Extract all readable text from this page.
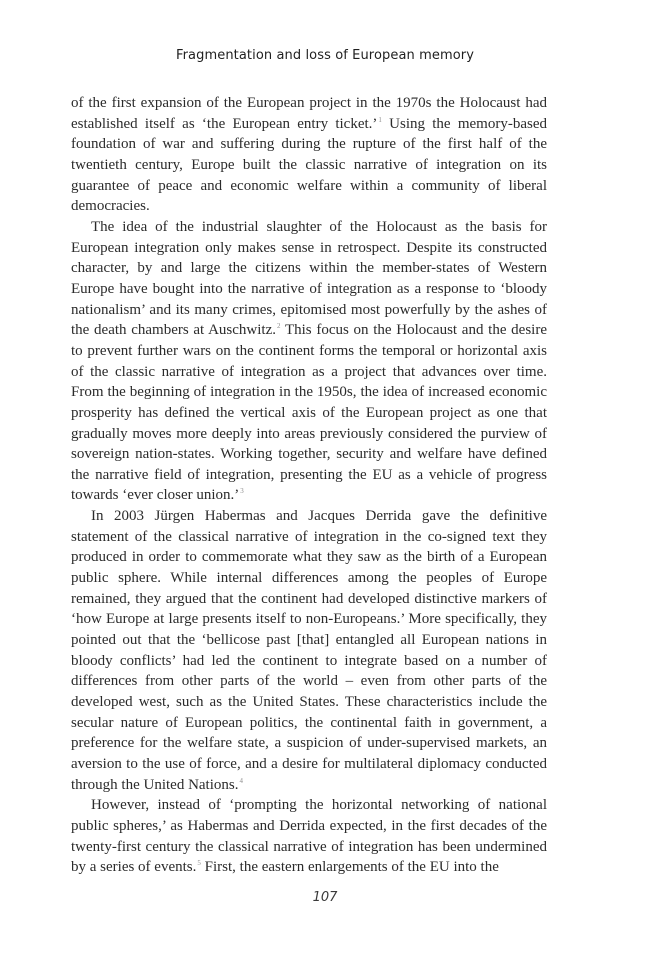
Fragmentation and loss of European memory

of the first expansion of the European project in the 1970s the Holocaust had established itself as ‘the European entry ticket.’$^1$ Using the memory-based foundation of war and suffering during the rupture of the first half of the twentieth century, Europe built the classic narrative of integration on its guarantee of peace and economic welfare within a community of liberal democracies.

The idea of the industrial slaughter of the Holocaust as the basis for European integration only makes sense in retrospect. Despite its constructed character, by and large the citizens within the member-states of Western Europe have bought into the narrative of integration as a response to ‘bloody nationalism’ and its many crimes, epitomised most powerfully by the ashes of the death chambers at Auschwitz.$^2$ This focus on the Holocaust and the desire to prevent further wars on the continent forms the temporal or horizontal axis of the classic narrative of integration as a project that advances over time. From the beginning of integration in the 1950s, the idea of increased economic prosperity has defined the vertical axis of the European project as one that gradually moves more deeply into areas previously considered the purview of sovereign nation-states. Working together, security and welfare have defined the narrative field of integration, presenting the EU as a vehicle of progress towards ‘ever closer union.’$^3$

In 2003 Jürgen Habermas and Jacques Derrida gave the definitive statement of the classical narrative of integration in the co-signed text they produced in order to commemorate what they saw as the birth of a European public sphere. While internal differences among the peoples of Europe remained, they argued that the continent had developed distinctive markers of ‘how Europe at large presents itself to non-Europeans.’ More specifically, they pointed out that the ‘bellicose past [that] entangled all European nations in bloody conflicts’ had led the continent to integrate based on a number of differences from other parts of the world – even from other parts of the developed west, such as the United States. These characteristics include the secular nature of European politics, the continental faith in government, a preference for the welfare state, a suspicion of under-supervised markets, an aversion to the use of force, and a desire for multilateral diplomacy conducted through the United Nations.$^4$

However, instead of ‘prompting the horizontal networking of national public spheres,’ as Habermas and Derrida expected, in the first decades of the twenty-first century the classical narrative of integration has been undermined by a series of events.$^5$ First, the eastern enlargements of the EU into the

107
